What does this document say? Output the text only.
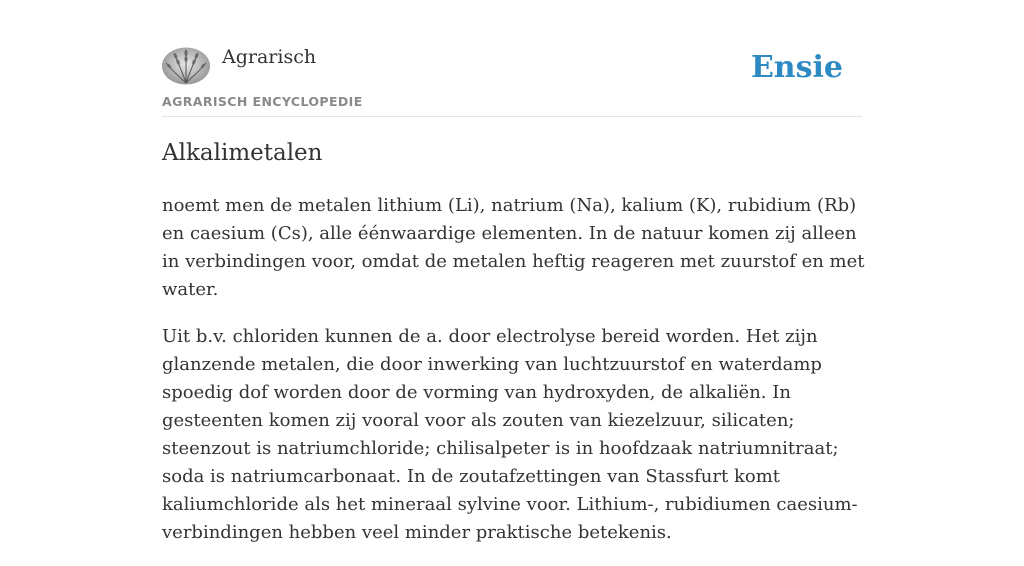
Agrarisch
AGRARISCH ENCYCLOPEDIE
Ensie
Alkalimetalen

noemt men de metalen lithium (Li), natrium (Na), kalium (K), rubidium (Rb) en caesium (Cs), alle éénwaardige elementen. In de natuur komen zij alleen in verbindingen voor, omdat de metalen heftig reageren met zuurstof en met water.

Uit b.v. chloriden kunnen de a. door electrolyse bereid worden. Het zijn glanzende metalen, die door inwerking van luchtzuurstof en waterdamp spoedig dof worden door de vorming van hydroxyden, de alkaliën. In gesteenten komen zij vooral voor als zouten van kiezelzuur, silicaten; steenzout is natriumchloride; chilisalpeter is in hoofdzaak natriumnitraat; soda is natriumcarbonaat. In de zoutafzettingen van Stassfurt komt kaliumchloride als het mineraal sylvine voor. Lithium-, rubidiumen caesium-verbindingen hebben veel minder praktische betekenis.
